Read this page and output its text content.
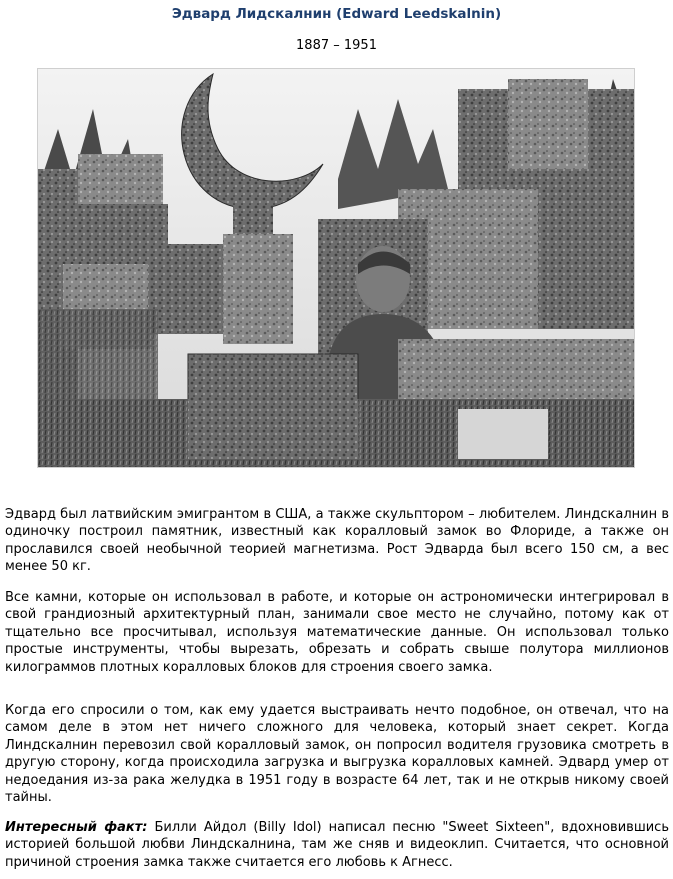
Эдвард Лидскалнин (Edward Leedskalnin)
1887 – 1951
Эдвард был латвийским эмигрантом в США, а также скульптором – любителем. Линдскалнин в одиночку построил памятник, известный как коралловый замок во Флориде, а также он прославился своей необычной теорией магнетизма. Рост Эдварда был всего 150 см, а вес менее 50 кг.
Все камни, которые он использовал в работе, и которые он астрономически интегрировал в свой грандиозный архитектурный план, занимали свое место не случайно, потому как от тщательно все просчитывал, используя математические данные. Он использовал только простые инструменты, чтобы вырезать, обрезать и собрать свыше полутора миллионов килограммов плотных коралловых блоков для строения своего замка.
Когда его спросили о том, как ему удается выстраивать нечто подобное, он отвечал, что на самом деле в этом нет ничего сложного для человека, который знает секрет. Когда Линдскалнин перевозил свой коралловый замок, он попросил водителя грузовика смотреть в другую сторону, когда происходила загрузка и выгрузка коралловых камней. Эдвард умер от недоедания из-за рака желудка в 1951 году в возрасте 64 лет, так и не открыв никому своей тайны.
Интересный факт: Билли Айдол (Billy Idol) написал песню "Sweet Sixteen", вдохновившись историей большой любви Линдскалнина, там же сняв и видеоклип. Считается, что основной причиной строения замка также считается его любовь к Агнесс.
